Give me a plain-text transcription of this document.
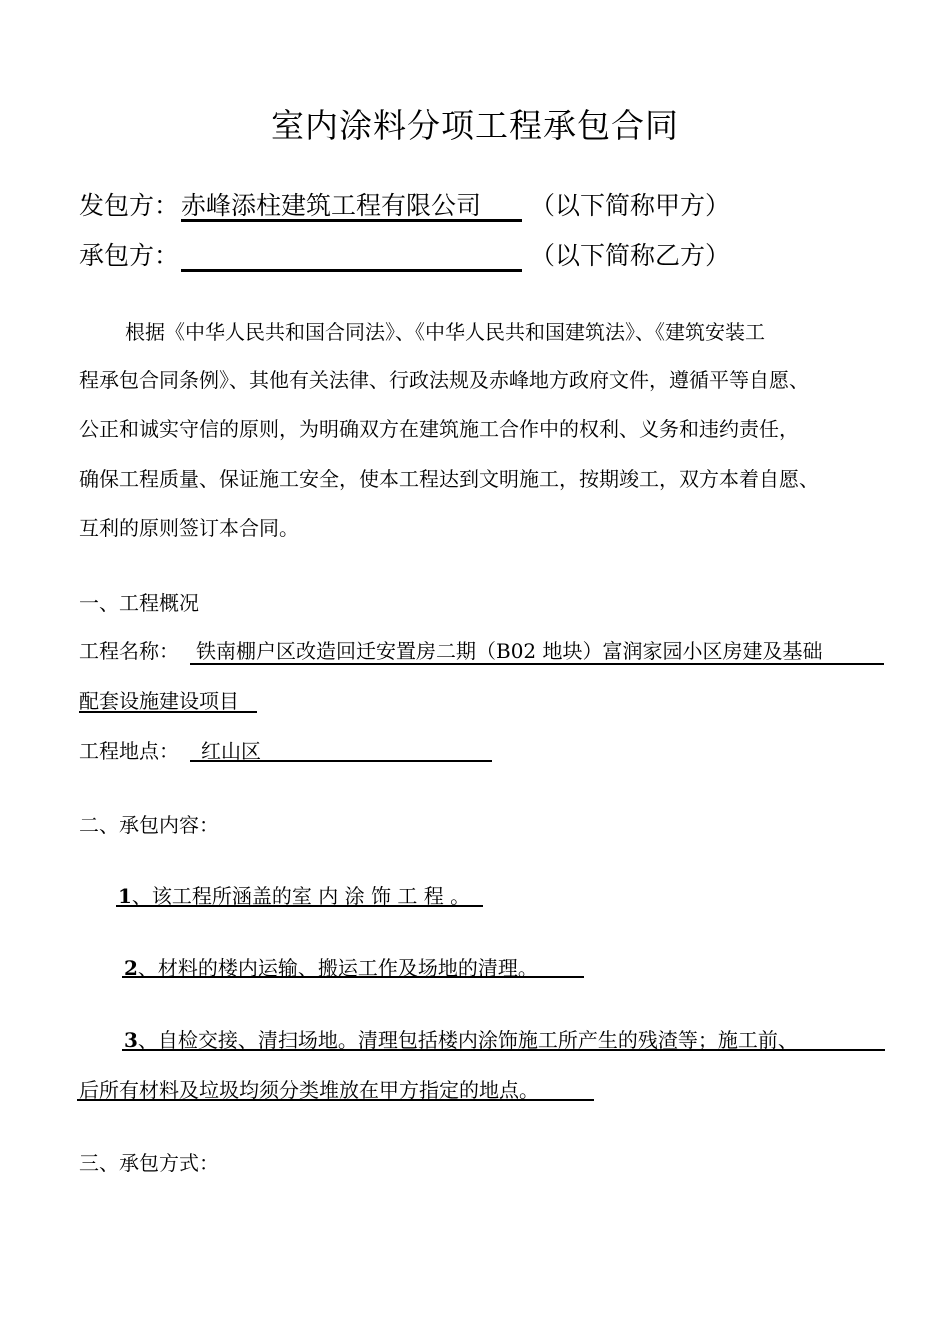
室内涂料分项工程承包合同
发包方： 赤峰添柱建筑工程有限公司 （以下简称甲方）
承包方：	（以下简称乙方）
根据《中华人民共和国合同法》、《中华人民共和国建筑法》、《建筑安装工
程承包合同条例》、其他有关法律、行政法规及赤峰地方政府文件，遵循平等自愿、
公正和诚实守信的原则，为明确双方在建筑施工合作中的权利、义务和违约责任，
确保工程质量、保证施工安全，使本工程达到文明施工，按期竣工，双方本着自愿、
互利的原则签订本合同。
一、工程概况
工程名称： 铁南棚户区改造回迁安置房二期（B02 地块）富润家园小区房建及基础
配套设施建设项目
工程地点： 红山区
二、承包内容：
1、该工程所涵盖的室 内 涂 饰 工 程 。
2、材料的楼内运输、搬运工作及场地的清理。
3、自检交接、清扫场地。清理包括楼内涂饰施工所产生的残渣等；施工前、
后所有材料及垃圾均须分类堆放在甲方指定的地点。
三、承包方式：
